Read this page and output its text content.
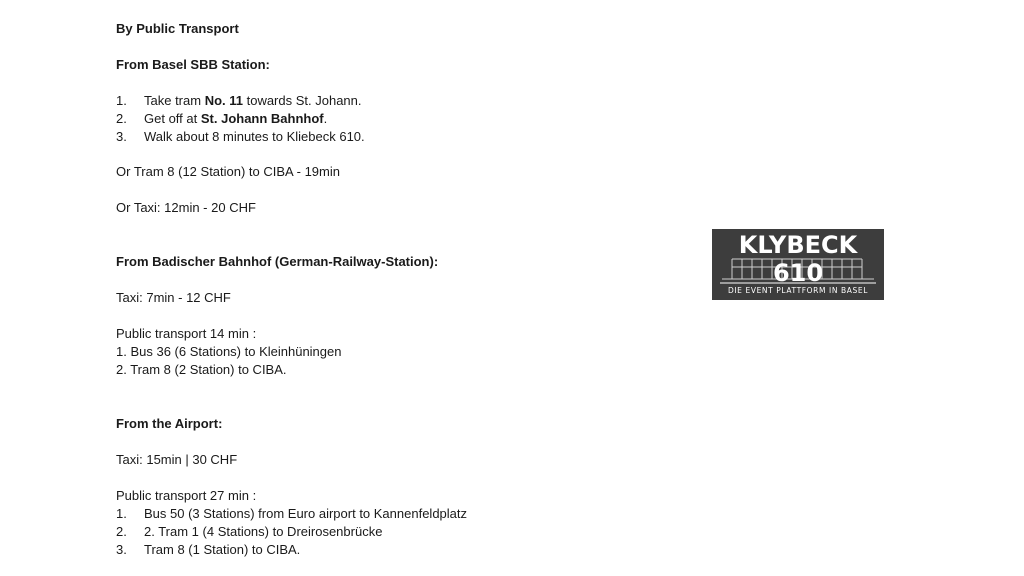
By Public Transport
From Basel SBB Station:
1. Take tram No. 11 towards St. Johann.
2. Get off at St. Johann Bahnhof.
3. Walk about 8 minutes to Kliebeck 610.
Or Tram 8 (12 Station) to CIBA - 19min
Or Taxi: 12min - 20 CHF
From Badischer Bahnhof (German-Railway-Station):
Taxi: 7min - 12 CHF
Public transport 14 min :
1. Bus 36 (6 Stations) to Kleinhüningen
2. Tram 8 (2 Station) to CIBA.
From the Airport:
Taxi: 15min | 30 CHF
Public transport 27 min :
1. Bus 50 (3 Stations) from Euro airport to Kannenfeldplatz
2. 2. Tram 1 (4 Stations) to Dreirosenbrücke
3. Tram 8 (1 Station) to CIBA.
KLYBECK 610
DIE EVENT PLATTFORM IN BASEL
